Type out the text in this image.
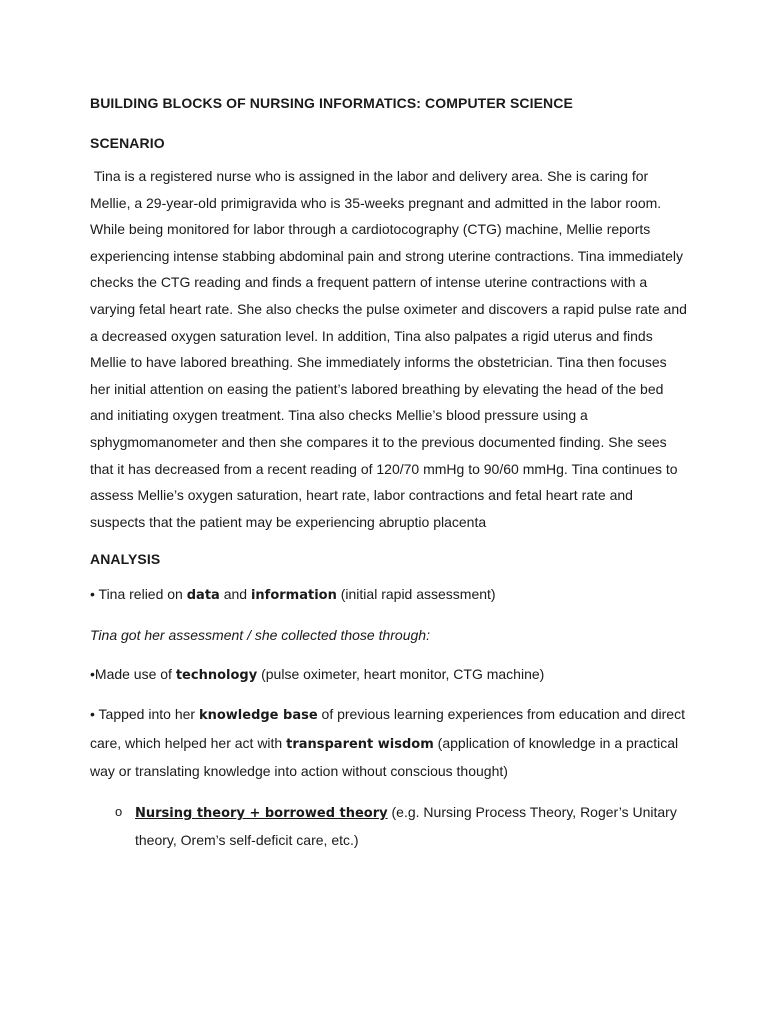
BUILDING BLOCKS OF NURSING INFORMATICS: COMPUTER SCIENCE

SCENARIO

Tina is a registered nurse who is assigned in the labor and delivery area. She is caring for Mellie, a 29-year-old primigravida who is 35-weeks pregnant and admitted in the labor room. While being monitored for labor through a cardiotocography (CTG) machine, Mellie reports experiencing intense stabbing abdominal pain and strong uterine contractions. Tina immediately checks the CTG reading and finds a frequent pattern of intense uterine contractions with a varying fetal heart rate. She also checks the pulse oximeter and discovers a rapid pulse rate and a decreased oxygen saturation level. In addition, Tina also palpates a rigid uterus and finds Mellie to have labored breathing. She immediately informs the obstetrician. Tina then focuses her initial attention on easing the patient’s labored breathing by elevating the head of the bed and initiating oxygen treatment. Tina also checks Mellie’s blood pressure using a sphygmomanometer and then she compares it to the previous documented finding. She sees that it has decreased from a recent reading of 120/70 mmHg to 90/60 mmHg. Tina continues to assess Mellie’s oxygen saturation, heart rate, labor contractions and fetal heart rate and suspects that the patient may be experiencing abruptio placenta

ANALYSIS

• Tina relied on data and information (initial rapid assessment)

Tina got her assessment / she collected those through:

•Made use of technology (pulse oximeter, heart monitor, CTG machine)

• Tapped into her knowledge base of previous learning experiences from education and direct care, which helped her act with transparent wisdom (application of knowledge in a practical way or translating knowledge into action without conscious thought)

o Nursing theory + borrowed theory (e.g. Nursing Process Theory, Roger’s Unitary theory, Orem’s self-deficit care, etc.)
